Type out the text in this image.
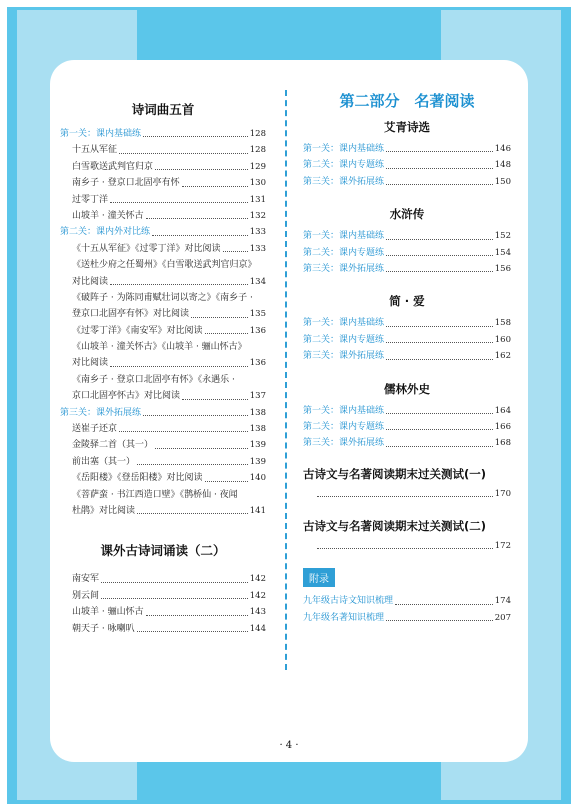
诗词曲五首
第一关：课内基础练	128
十五从军征	128
白雪歌送武判官归京	129
南乡子 · 登京口北固亭有怀	130
过零丁洋	131
山坡羊 · 潼关怀古	132
第二关：课内外对比练	133
《十五从军征》《过零丁洋》对比阅读	133
《送杜少府之任蜀州》《白雪歌送武判官归京》
对比阅读	134
《破阵子 · 为陈同甫赋壮词以寄之》《南乡子 ·
登京口北固亭有怀》对比阅读	135
《过零丁洋》《南安军》对比阅读	136
《山坡羊 · 潼关怀古》《山坡羊 · 骊山怀古》
对比阅读	136
《南乡子 · 登京口北固亭有怀》《永遇乐 ·
京口北固亭怀古》对比阅读	137
第三关：课外拓展练	138
送崔子还京	138
金陵驿二首（其一）	139
前出塞（其一）	139
《岳阳楼》《登岳阳楼》对比阅读	140
《菩萨蛮 · 书江西造口壁》《鹊桥仙 · 夜闻
杜鹃》对比阅读	141
课外古诗词诵读（二）
南安军	142
别云间	142
山坡羊 · 骊山怀古	143
朝天子 · 咏喇叭	144
第二部分　名著阅读
艾青诗选
第一关：课内基础练	146
第二关：课内专题练	148
第三关：课外拓展练	150
水浒传
第一关：课内基础练	152
第二关：课内专题练	154
第三关：课外拓展练	156
简 · 爱
第一关：课内基础练	158
第二关：课内专题练	160
第三关：课外拓展练	162
儒林外史
第一关：课内基础练	164
第二关：课内专题练	166
第三关：课外拓展练	168
古诗文与名著阅读期末过关测试(一)
170
古诗文与名著阅读期末过关测试(二)
172
附录
九年级古诗文知识梳理	174
九年级名著知识梳理	207
· 4 ·
